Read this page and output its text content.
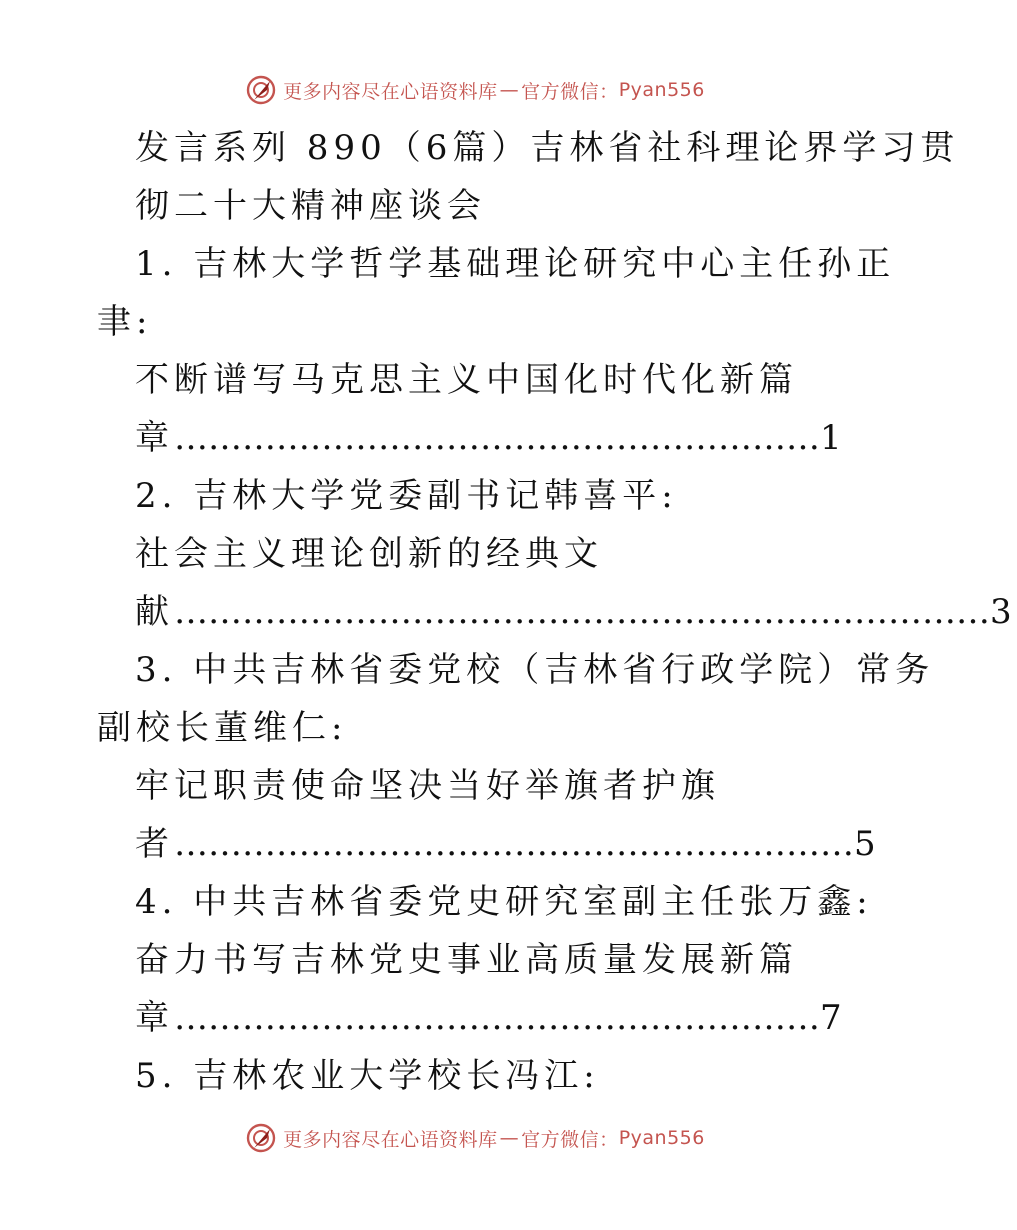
更多内容尽在心语资料库 — 官方微信： Pyan556
发言系列 890（6篇）吉林省社科理论界学习贯
彻二十大精神座谈会
1. 吉林大学哲学基础理论研究中心主任孙正
聿:
不断谱写马克思主义中国化时代化新篇
章…………………………………………………1
2. 吉林大学党委副书记韩喜平:
社会主义理论创新的经典文
献………………………………………………………………3
3. 中共吉林省委党校（吉林省行政学院）常务
副校长董维仁:
牢记职责使命坚决当好举旗者护旗
者……………………………………………………5
4. 中共吉林省委党史研究室副主任张万鑫:
奋力书写吉林党史事业高质量发展新篇
章…………………………………………………7
5. 吉林农业大学校长冯江:
更多内容尽在心语资料库 — 官方微信： Pyan556
